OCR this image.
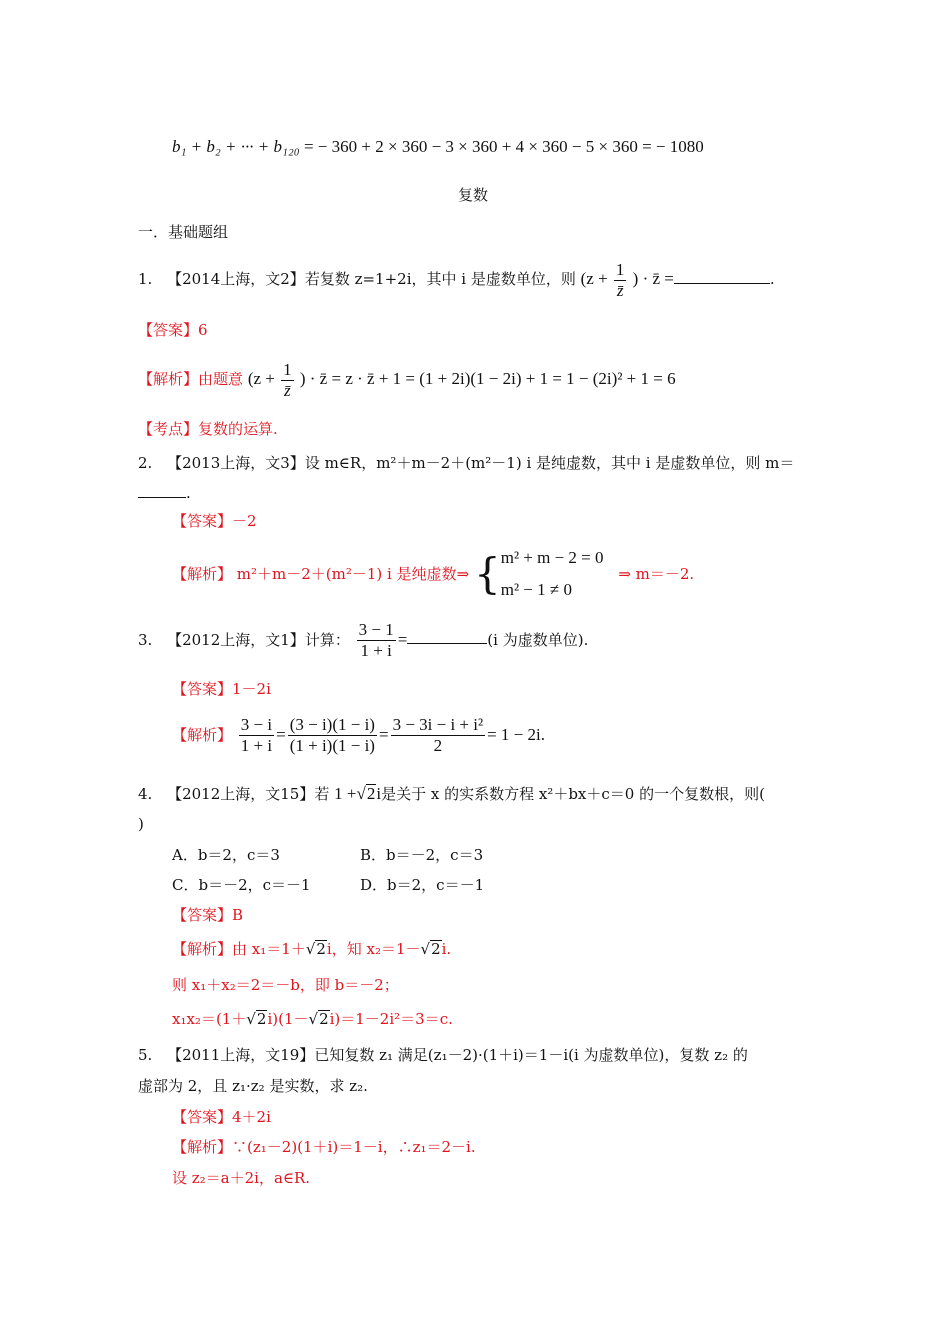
b₁ + b₂ + ··· + b₁₂₀ = − 360 + 2 × 360 − 3 × 360 + 4 × 360 − 5 × 360 = − 1080
复数
一．基础题组
1. 【2014上海，文2】若复数 z=1+2i，其中 i 是虚数单位，则 ($z + \frac{1}{z̄}$ ) · z̄ =	.
【答案】6
【解析】由题意 ($z + \frac{1}{z̄}$ ) · z̄ = z · z̄ + 1 = (1 + 2i)(1 − 2i) + 1 = 1 − (2i)² + 1 = 6
【考点】复数的运算.
2. 【2013上海，文3】设 m∈R，m²＋m－2＋(m²－1) i 是纯虚数，其中 i 是虚数单位，则 m＝
.
【答案】－2
【解析】 m²＋m－2＋(m²－1) i 是纯虚数⇒ { m² + m − 2 = 0
m² − 1 ≠ 0
⇒ m＝－2.
3. 【2012上海，文1】计算： $\frac{3 - 1}{1 + i}$ =	(i 为虚数单位).
【答案】1－2i
【解析】 $\frac{3 - i}{1 + i} = \frac{(3 - i)(1 - i)}{(1 + i)(1 - i)} = \frac{\text{3 − 3i − i + i²}}{2} = 1 - 2i$.
4. 【2012上海，文15】若 1 +√2i是关于 x 的实系数方程 x²＋bx＋c＝0 的一个复数根，则(
)
A．b＝2，c＝3	B．b＝－2，c＝3
C．b＝－2，c＝－1	D．b＝2，c＝－1
【答案】B
【解析】由 x₁＝1＋√2i，知 x₂＝1－√2i.
则 x₁＋x₂＝2＝－b，即 b＝－2；
x₁x₂＝(1＋√2i)(1－√2i)＝1－2i²＝3＝c.
5. 【2011上海，文19】已知复数 z₁ 满足(z₁－2)·(1＋i)＝1－i(i 为虚数单位)，复数 z₂ 的
虚部为 2，且 z₁·z₂ 是实数，求 z₂.
【答案】4＋2i
【解析】∵(z₁－2)(1＋i)＝1－i，∴z₁＝2－i.
设 z₂＝a＋2i，a∈R.
